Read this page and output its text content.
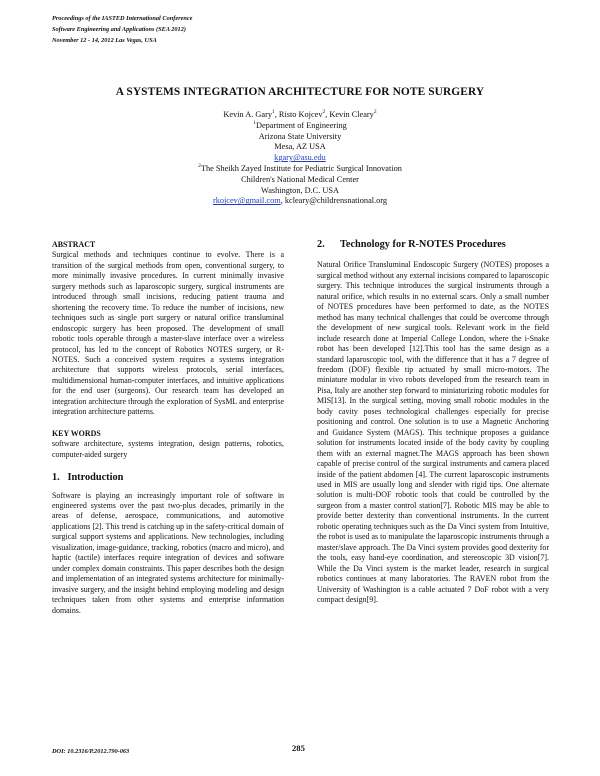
Proceedings of the IASTED International Conference
Software Engineering and Applications (SEA 2012)
November 12 - 14, 2012 Las Vegas, USA
A SYSTEMS INTEGRATION ARCHITECTURE FOR NOTE SURGERY
Kevin A. Gary$^1$, Risto Kojcev$^2$, Kevin Cleary$^2$
$^1$Department of Engineering
Arizona State University
Mesa, AZ USA
kgary@asu.edu
$^2$The Sheikh Zayed Institute for Pediatric Surgical Innovation
Children's National Medical Center
Washington, D.C. USA
rkojcev@gmail.com, kcleary@childrensnational.org
ABSTRACT

Surgical methods and techniques continue to evolve. There is a transition of the surgical methods from open, conventional surgery, to more minimally invasive procedures. In current minimally invasive surgery methods such as laparoscopic surgery, surgical instruments are introduced through small incisions, reducing patient trauma and shortening the recovery time. To reduce the number of incisions, new techniques such as single port surgery or natural orifice transluminal endoscopic surgery has been proposed. The development of small robotic tools operable through a master-slave interface over a wireless protocol, has led to the concept of Robotics NOTES surgery, or R-NOTES. Such a conceived system requires a systems integration architecture that supports wireless protocols, serial interfaces, multidimensional human-computer interfaces, and intuitive applications for the end user (surgeons). Our research team has developed an integration architecture through the exploration of SysML and enterprise integration architecture patterns.

KEY WORDS

software architecture, systems integration, design patterns, robotics, computer-aided surgery

1.   Introduction

Software is playing an increasingly important role of software in engineered systems over the past two-plus decades, primarily in the areas of defense, aerospace, communications, and automotive applications [2]. This trend is catching up in the safety-critical domain of surgical support systems and applications. New technologies, including visualization, image-guidance, tracking, robotics (macro and micro), and haptic (tactile) interfaces require integration of devices and software under complex domain constraints. This paper describes both the design and implementation of an integrated systems architecture for minimally-invasive surgery, and the insight behind employing modeling and design techniques taken from other systems and enterprise information domains.

2.      Technology for R-NOTES Procedures

Natural Orifice Transluminal Endoscopic Surgery (NOTES) proposes a surgical method without any external incisions compared to laparoscopic surgery. This technique introduces the surgical instruments through a natural orifice, which results in no external scars. Only a small number of NOTES procedures have been performed to date, as the NOTES method has many technical challenges that could be overcome through the development of new surgical tools. Relevant work in the field include research done at Imperial College London, where the i-Snake robot has been developed [12].This tool has the same design as a standard laparoscopic tool, with the difference that it has a 7 degree of freedom (DOF) flexible tip actuated by small micro-motors. The miniature modular in vivo robots developed from the research team in Pisa, Italy are another step forward to miniaturizing robotic modules for MIS[13]. In the surgical setting, moving small robotic modules in the body cavity poses technological challenges especially for precise positioning and control. One solution is to use a Magnetic Anchoring and Guidance System (MAGS). This technique proposes a guidance solution for instruments located inside of the body cavity by coupling them with an external magnet.The MAGS approach has been shown capable of precise control of the surgical instruments and camera placed inside of the patient abdomen [4]. The current laparoscopic instruments used in MIS are usually long and slender with rigid tips. One alternate solution is multi-DOF robotic tools that could be controlled by the surgeon from a master control station[7]. Robotic MIS may be able to provide better dexterity than conventional instruments. In the current robotic operating techniques such as the Da Vinci system from Intuitive, the robot is used as to manipulate the laparoscopic instruments through a master/slave approach. The Da Vinci system provides good dexterity for the tools, easy hand-eye coordination, and stereoscopic 3D vision[7]. While the Da Vinci system is the market leader, research in surgical robotics continues at many laboratories. The RAVEN robot from the University of Washington is a cable actuated 7 DoF robot with a very compact design[9].

DOI: 10.2316/P.2012.790-063	285
